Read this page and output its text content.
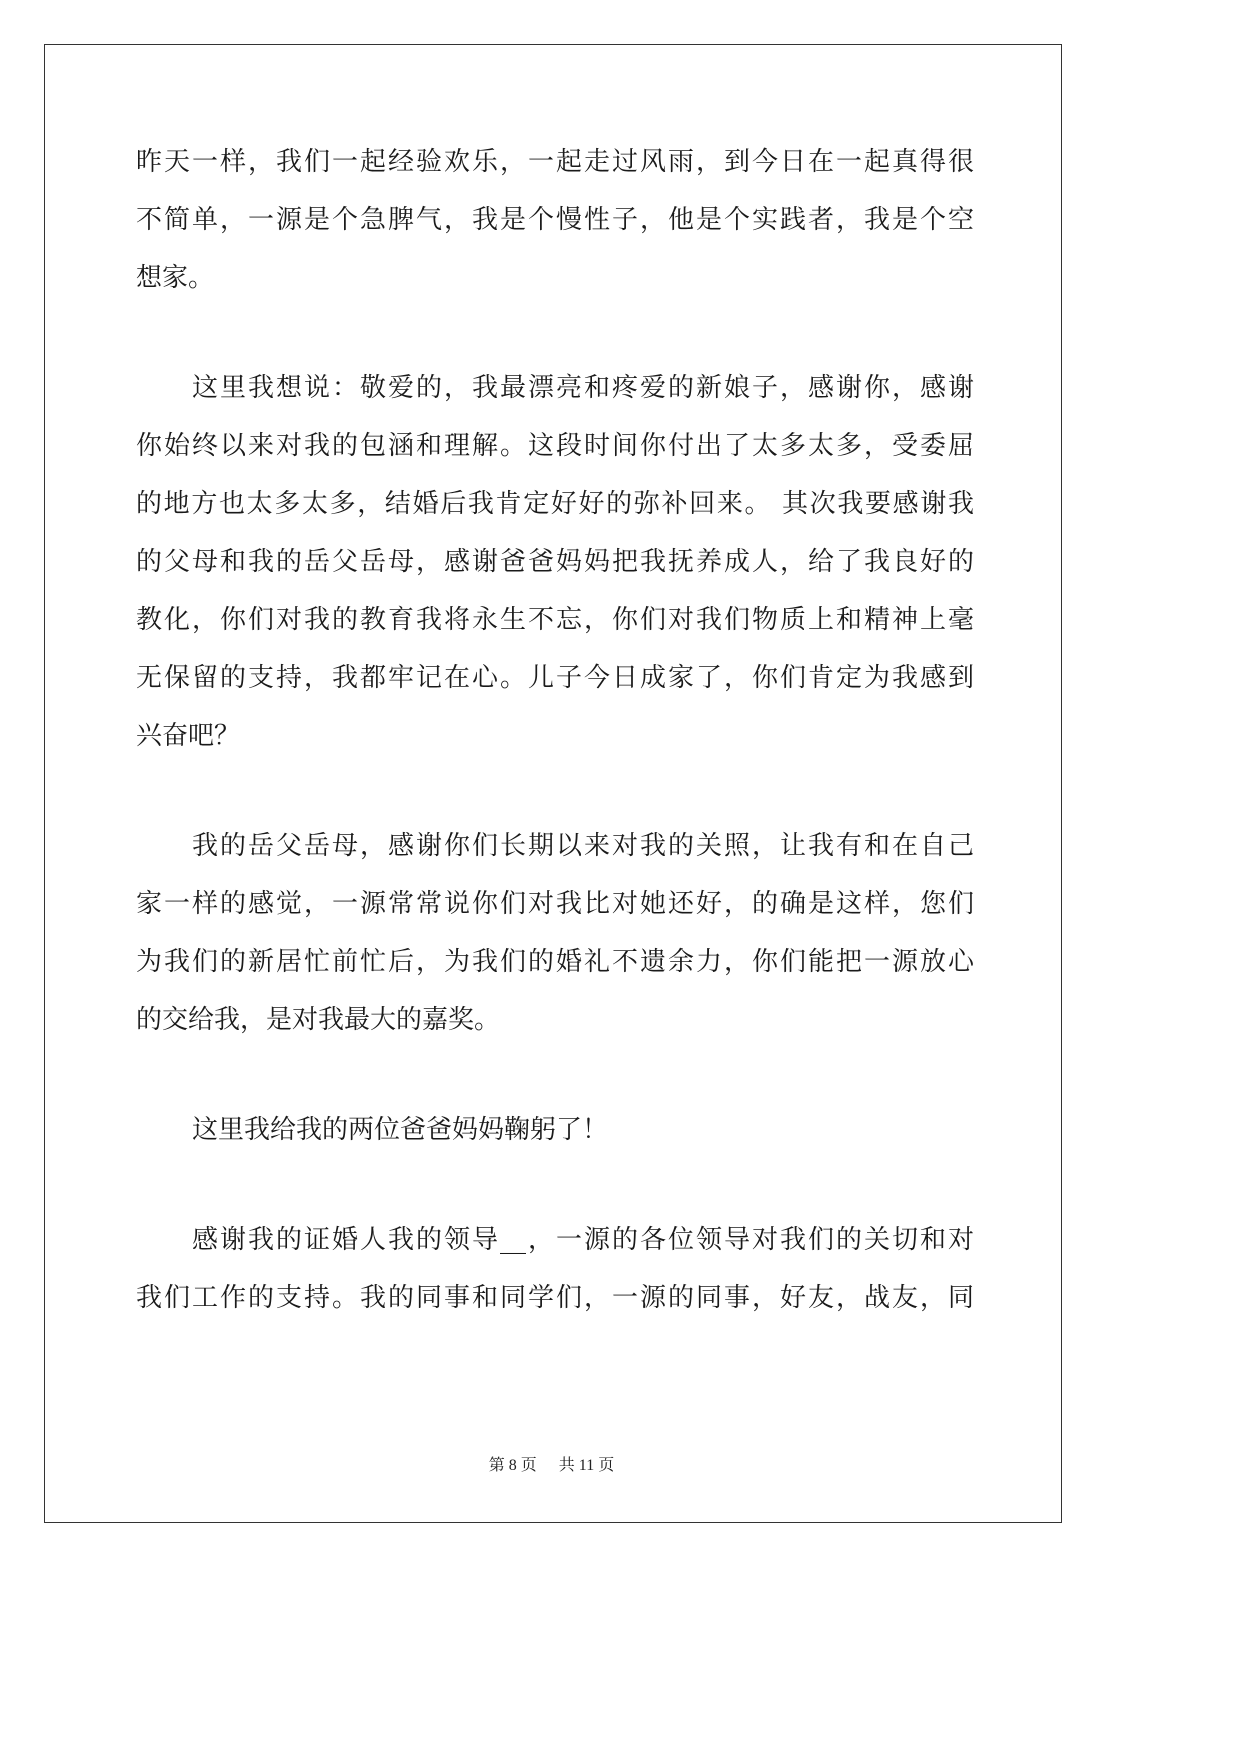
昨天一样，我们一起经验欢乐，一起走过风雨，到今日在一起真得很
不简单，一源是个急脾气，我是个慢性子，他是个实践者，我是个空
想家。
这里我想说：敬爱的，我最漂亮和疼爱的新娘子，感谢你，感谢
你始终以来对我的包涵和理解。这段时间你付出了太多太多，受委屈
的地方也太多太多，结婚后我肯定好好的弥补回来。 其次我要感谢我
的父母和我的岳父岳母，感谢爸爸妈妈把我抚养成人，给了我良好的
教化，你们对我的教育我将永生不忘，你们对我们物质上和精神上毫
无保留的支持，我都牢记在心。儿子今日成家了，你们肯定为我感到
兴奋吧？
我的岳父岳母，感谢你们长期以来对我的关照，让我有和在自己
家一样的感觉，一源常常说你们对我比对她还好，的确是这样，您们
为我们的新居忙前忙后，为我们的婚礼不遗余力，你们能把一源放心
的交给我，是对我最大的嘉奖。
这里我给我的两位爸爸妈妈鞠躬了！
感谢我的证婚人我的领导__，一源的各位领导对我们的关切和对
我们工作的支持。我的同事和同学们，一源的同事，好友，战友，同
第 8 页 共 11 页
